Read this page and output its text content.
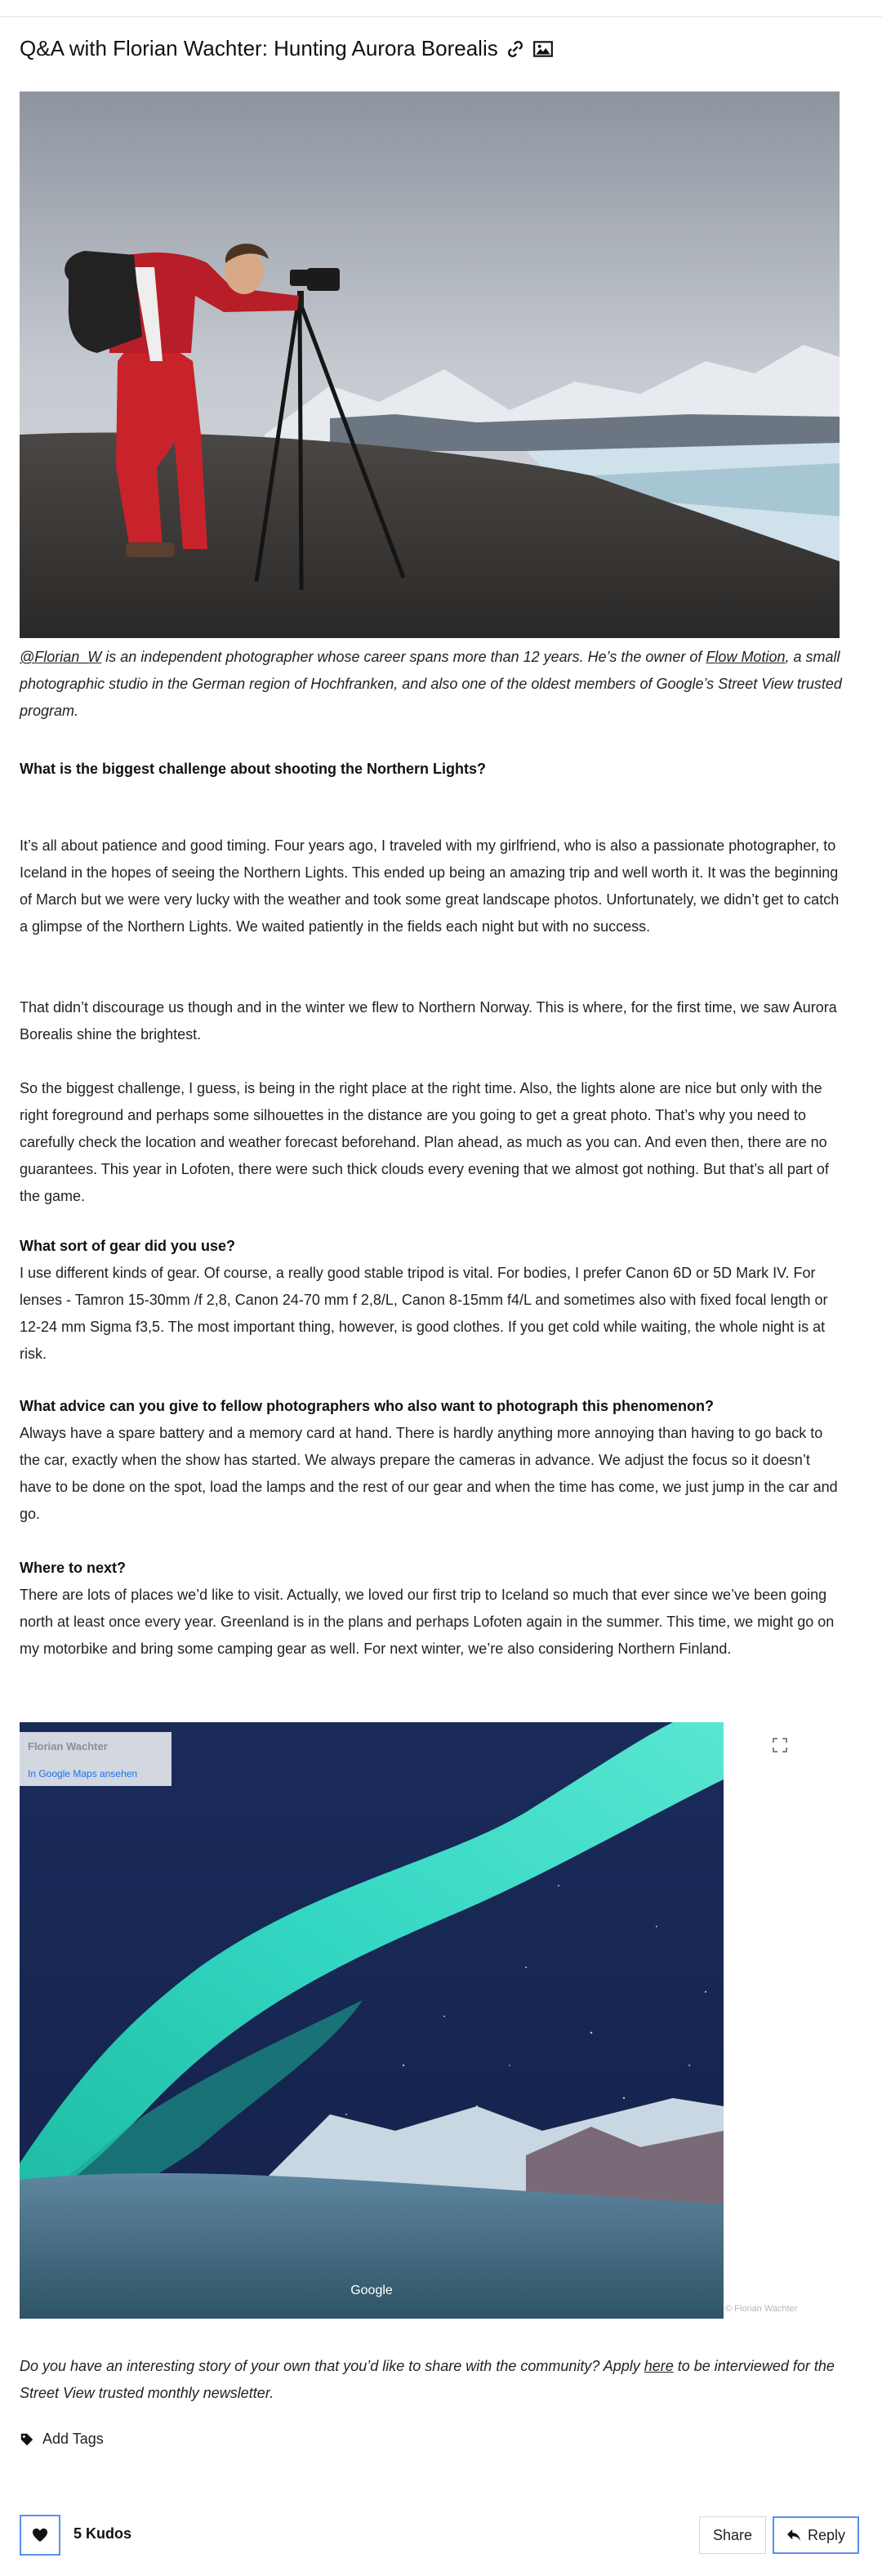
Q&A with Florian Wachter: Hunting Aurora Borealis
@Florian_W is an independent photographer whose career spans more than 12 years. He’s the owner of Flow Motion, a small photographic studio in the German region of Hochfranken, and also one of the oldest members of Google’s Street View trusted program.
What is the biggest challenge about shooting the Northern Lights?
It’s all about patience and good timing. Four years ago, I traveled with my girlfriend, who is also a passionate photographer, to Iceland in the hopes of seeing the Northern Lights. This ended up being an amazing trip and well worth it. It was the beginning of March but we were very lucky with the weather and took some great landscape photos. Unfortunately, we didn’t get to catch a glimpse of the Northern Lights. We waited patiently in the fields each night but with no success.
That didn’t discourage us though and in the winter we flew to Northern Norway. This is where, for the first time, we saw Aurora Borealis shine the brightest.
So the biggest challenge, I guess, is being in the right place at the right time. Also, the lights alone are nice but only with the right foreground and perhaps some silhouettes in the distance are you going to get a great photo. That’s why you need to carefully check the location and weather forecast beforehand. Plan ahead, as much as you can. And even then, there are no guarantees. This year in Lofoten, there were such thick clouds every evening that we almost got nothing. But that’s all part of the game.
What sort of gear did you use?
I use different kinds of gear. Of course, a really good stable tripod is vital. For bodies, I prefer Canon 6D or 5D Mark IV. For lenses - Tamron 15-30mm /f 2,8, Canon 24-70 mm f 2,8/L, Canon 8-15mm f4/L and sometimes also with fixed focal length or 12-24 mm Sigma f3,5. The most important thing, however, is good clothes. If you get cold while waiting, the whole night is at risk.
What advice can you give to fellow photographers who also want to photograph this phenomenon?
Always have a spare battery and a memory card at hand. There is hardly anything more annoying than having to go back to the car, exactly when the show has started. We always prepare the cameras in advance. We adjust the focus so it doesn’t have to be done on the spot, load the lamps and the rest of our gear and when the time has come, we just jump in the car and go.
Where to next?
There are lots of places we’d like to visit. Actually, we loved our first trip to Iceland so much that ever since we’ve been going north at least once every year. Greenland is in the plans and perhaps Lofoten again in the summer. This time, we might go on my motorbike and bring some camping gear as well. For next winter, we’re also considering Northern Finland.
Google
Florian Wachter
In Google Maps ansehen
© Florian Wachter
Do you have an interesting story of your own that you’d like to share with the community? Apply here to be interviewed for the Street View trusted monthly newsletter.
Add Tags
5 Kudos	Share	Reply
